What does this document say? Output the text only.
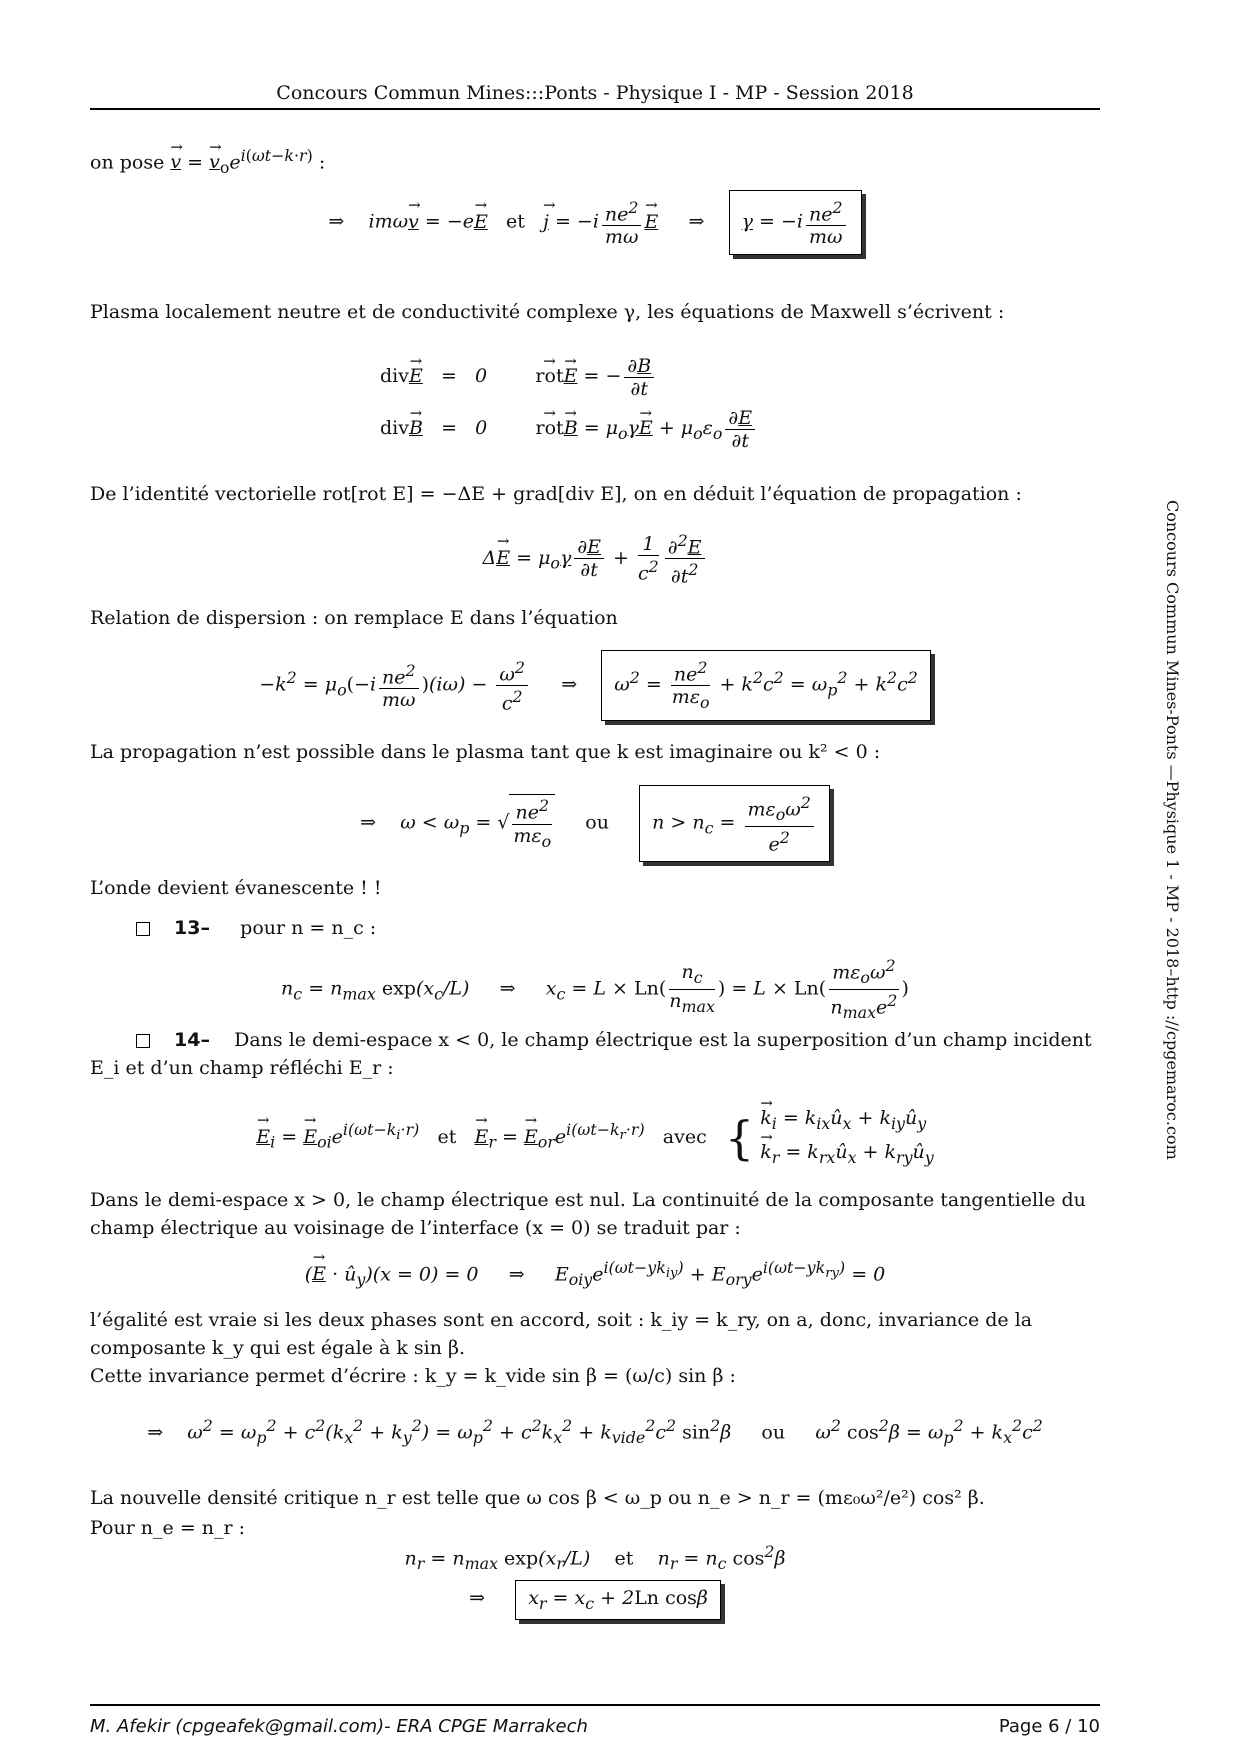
Concours Commun Mines:::Ponts - Physique I - MP - Session 2018
on pose → v = → $v_oe^{i(\omega t-k\cdot r)}$ :
⇒    imω→ v = −e→ E et → $j = -i \frac{ne^2}{m\omega} \to E$     ⇒    $\gamma = -i \frac{ne^2}{m\omega}$
Plasma localement neutre et de conductivité complexe γ, les équations de Maxwell s’écrivent :
div→ E   =   0        → rot→ E = − $\frac{\partial B}{\partial t}$
div→ B   =   0        → $rot\to B = \mu_o\gamma\to E + \mu_o\varepsilon_o \frac{\partial E}{\partial t}$
De l’identité vectorielle rot[rot E] = −ΔE + grad[div E], on en déduit l’équation de propagation :
$\Delta\to E = \mu_o\gamma \frac{\partial E}{\partial t} + \frac{1}{c^2} \frac{\partial^2E}{\partial t^2}$
Relation de dispersion : on remplace E dans l’équation
$-k^2 = \mu_o(-i \frac{ne^2}{m\omega} )(i\omega) - \frac{\omega^2}{c^2}$ ⇒    $\omega^2 = \frac{ne^2}{m\varepsilon_o} + k^2c^2 = \omega_p^2 + k^2c^2$
La propagation n’est possible dans le plasma tant que k est imaginaire ou k² < 0 :
⇒    $\omega < \omega_p$ = √ $\frac{ne^2}{m\varepsilon_o}$ ou $n > n_c = \frac{m\varepsilon_o\omega^2}{e^2}$
L’onde devient évanescente ! !
13– pour n = n_c :
$n_c = n_{max}$ $\exp(x_c/L)$     ⇒     $x_c = L \times Ln( \frac{n_c}{n_{max}}$ ) = $L \times Ln( \frac{m\varepsilon_o\omega^2}{n_{max}e^2}$ )
14– Dans le demi-espace x < 0, le champ électrique est la superposition d’un champ incident E_i et d’un champ réfléchi E_r :
→ $E_i$ = → $E_{oi}e^{i(\omega t-k_i\cdot r)}$ et → $E_r$ = → $E_{or}e^{i(\omega t-k_r\cdot r)}$ avec { → $k_i$ = $k_{ix}û_x$ + $k_{iy}û_y$
→ $k_r$ = $k_{rx}û_x$ + $k_{ry}û_y$
Dans le demi-espace x > 0, le champ électrique est nul. La continuité de la composante tangentielle du champ électrique au voisinage de l’interface (x = 0) se traduit par :
(→ $E \cdot û_y)(x = 0) = 0$     ⇒     $E_{oiy}e^{i(\omega t-yk_{iy})} + E_{ory}e^{i(\omega t-yk_{ry})} = 0$
l’égalité est vraie si les deux phases sont en accord, soit : k_iy = k_ry, on a, donc, invariance de la composante k_y qui est égale à k sin β.
Cette invariance permet d’écrire : k_y = k_vide sin β = (ω/c) sin β :
⇒    $\omega^2 = \omega_p^2 + c^2(k_x^2 + k_y^2) = \omega_p^2 + c^2k_x^2 + k_{vide}^2c^2$ $\sin^2\beta$ ou $\omega^2$ $\cos^2\beta = \omega_p^2 + k_x^2c^2$
La nouvelle densité critique n_r est telle que ω cos β < ω_p ou n_e > n_r = (mε₀ω²/e²) cos² β.
Pour n_e = n_r :
$n_r = n_{max}$ $\exp(x_r/L)$    et $n_r = n_c$ $\cos^2\beta$
⇒     $x_r = x_c + 2Ln$ cosβ
Concours Commun Mines-Ponts —Physique 1 - MP - 2018–http ://cpgemaroc.com
M. Afekir (cpgeafek@gmail.com)- ERA CPGE Marrakech	Page 6 / 10
